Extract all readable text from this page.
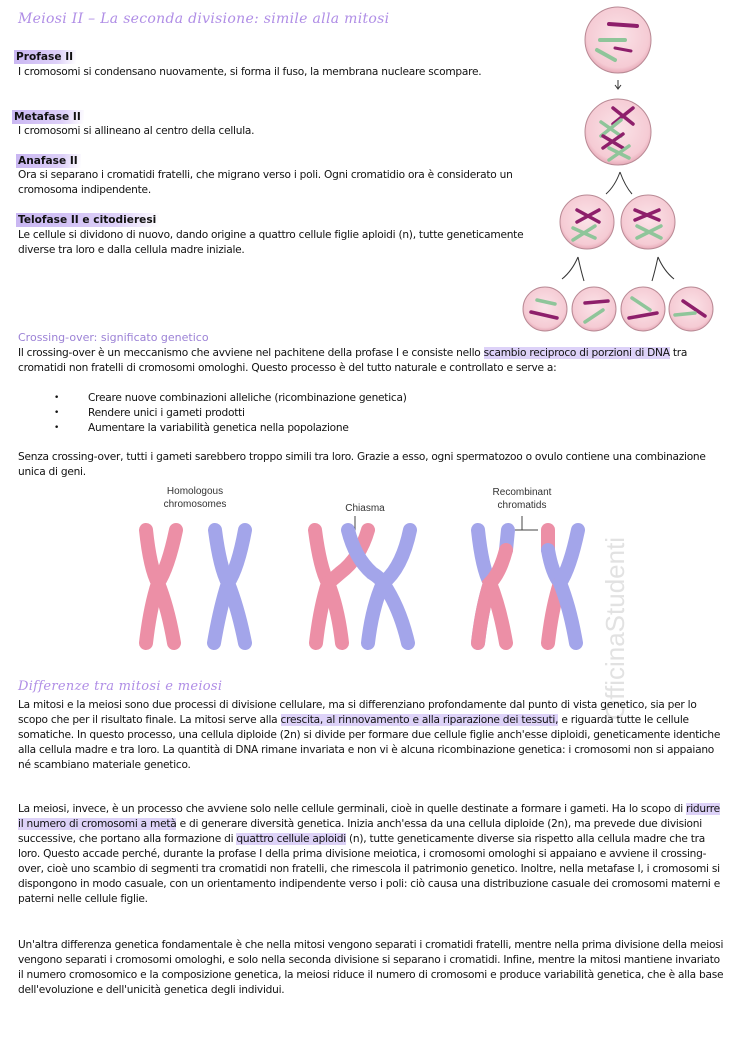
Meiosi II – La seconda divisione: simile alla mitosi
Profase II
I cromosomi si condensano nuovamente, si forma il fuso, la membrana nucleare scompare.
Metafase II
I cromosomi si allineano al centro della cellula.
Anafase II
Ora si separano i cromatidi fratelli, che migrano verso i poli. Ogni cromatidio ora è considerato un cromosoma indipendente.
Telofase II e citodieresi
Le cellule si dividono di nuovo, dando origine a quattro cellule figlie aploidi (n), tutte geneticamente diverse tra loro e dalla cellula madre iniziale.
Crossing-over: significato genetico
Il crossing-over è un meccanismo che avviene nel pachitene della profase I e consiste nello scambio reciproco di porzioni di DNA tra cromatidi non fratelli di cromosomi omologhi. Questo processo è del tutto naturale e controllato e serve a:
• Creare nuove combinazioni alleliche (ricombinazione genetica)
• Rendere unici i gameti prodotti
• Aumentare la variabilità genetica nella popolazione
Senza crossing-over, tutti i gameti sarebbero troppo simili tra loro. Grazie a esso, ogni spermatozoo o ovulo contiene una combinazione unica di geni.
Homologous
chromosomes	Chiasma
Recombinant
chromatids
OfficinaStudenti
Differenze tra mitosi e meiosi
La mitosi e la meiosi sono due processi di divisione cellulare, ma si differenziano profondamente dal punto di vista genetico, sia per lo scopo che per il risultato finale. La mitosi serve alla crescita, al rinnovamento e alla riparazione dei tessuti, e riguarda tutte le cellule somatiche. In questo processo, una cellula diploide (2n) si divide per formare due cellule figlie anch'esse diploidi, geneticamente identiche alla cellula madre e tra loro. La quantità di DNA rimane invariata e non vi è alcuna ricombinazione genetica: i cromosomi non si appaiano né scambiano materiale genetico.
La meiosi, invece, è un processo che avviene solo nelle cellule germinali, cioè in quelle destinate a formare i gameti. Ha lo scopo di ridurre il numero di cromosomi a metà e di generare diversità genetica. Inizia anch'essa da una cellula diploide (2n), ma prevede due divisioni successive, che portano alla formazione di quattro cellule aploidi (n), tutte geneticamente diverse sia rispetto alla cellula madre che tra loro. Questo accade perché, durante la profase I della prima divisione meiotica, i cromosomi omologhi si appaiano e avviene il crossing-over, cioè uno scambio di segmenti tra cromatidi non fratelli, che rimescola il patrimonio genetico. Inoltre, nella metafase I, i cromosomi si dispongono in modo casuale, con un orientamento indipendente verso i poli: ciò causa una distribuzione casuale dei cromosomi materni e paterni nelle cellule figlie.
Un'altra differenza genetica fondamentale è che nella mitosi vengono separati i cromatidi fratelli, mentre nella prima divisione della meiosi vengono separati i cromosomi omologhi, e solo nella seconda divisione si separano i cromatidi. Infine, mentre la mitosi mantiene invariato il numero cromosomico e la composizione genetica, la meiosi riduce il numero di cromosomi e produce variabilità genetica, che è alla base dell'evoluzione e dell'unicità genetica degli individui.
